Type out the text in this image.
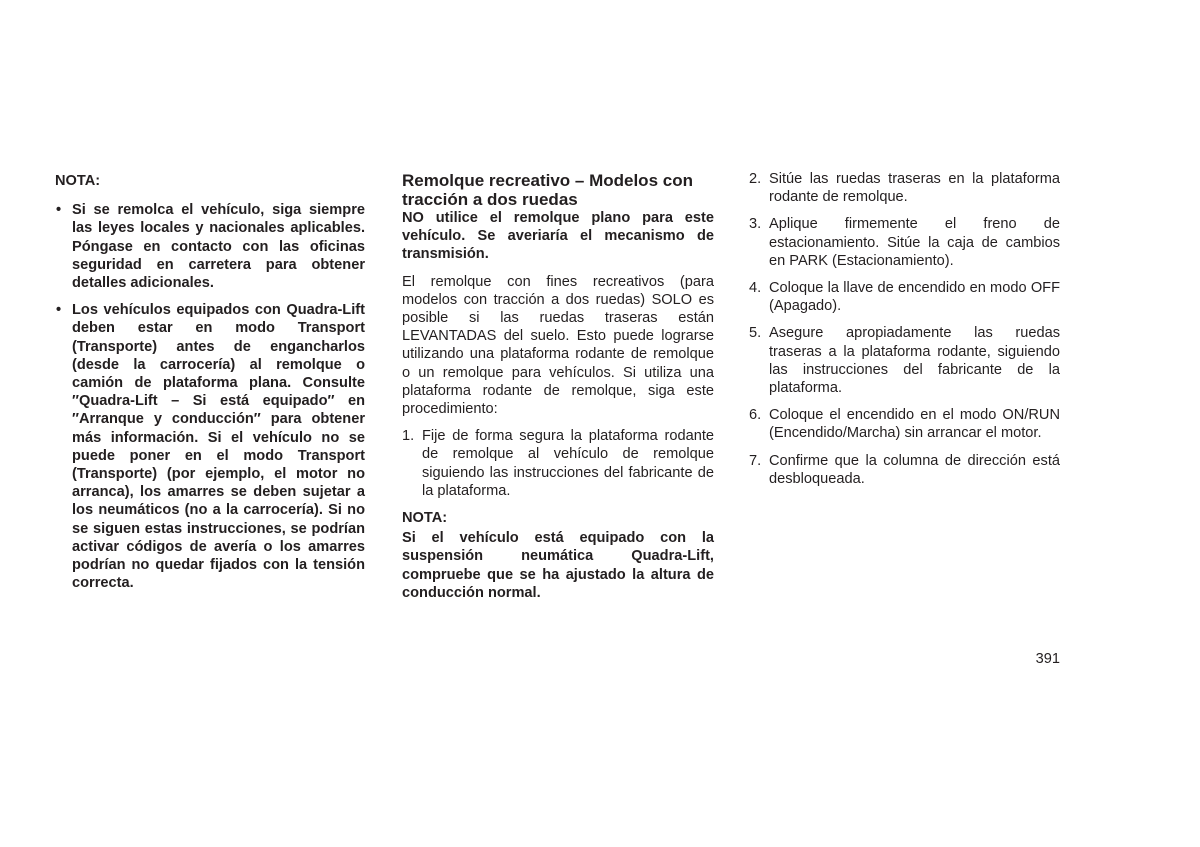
NOTA:
• Si se remolca el vehículo, siga siempre las leyes locales y nacionales aplicables. Póngase en contacto con las oficinas seguridad en carretera para obtener detalles adicionales.
• Los vehículos equipados con Quadra-Lift deben estar en modo Transport (Transporte) antes de engancharlos (desde la carrocería) al remolque o camión de plataforma plana. Consulte ″Quadra-Lift – Si está equipado″ en ″Arranque y conducción″ para obtener más información. Si el vehículo no se puede poner en el modo Transport (Transporte) (por ejemplo, el motor no arranca), los amarres se deben sujetar a los neumáticos (no a la carrocería). Si no se siguen estas instrucciones, se podrían activar códigos de avería o los amarres podrían no quedar fijados con la tensión correcta.
Remolque recreativo – Modelos con tracción a dos ruedas

NO utilice el remolque plano para este vehículo. Se averiaría el mecanismo de transmisión.

El remolque con fines recreativos (para modelos con tracción a dos ruedas) SOLO es posible si las ruedas traseras están LEVANTADAS del suelo. Esto puede lograrse utilizando una plataforma rodante de remolque o un remolque para vehículos. Si utiliza una plataforma rodante de remolque, siga este procedimiento:

1. Fije de forma segura la plataforma rodante de remolque al vehículo de remolque siguiendo las instrucciones del fabricante de la plataforma.
NOTA:

Si el vehículo está equipado con la suspensión neumática Quadra-Lift, compruebe que se ha ajustado la altura de conducción normal.

2. Sitúe las ruedas traseras en la plataforma rodante de remolque.
3. Aplique firmemente el freno de estacionamiento. Sitúe la caja de cambios en PARK (Estacionamiento).
4. Coloque la llave de encendido en modo OFF (Apagado).
5. Asegure apropiadamente las ruedas traseras a la plataforma rodante, siguiendo las instrucciones del fabricante de la plataforma.
6. Coloque el encendido en el modo ON/RUN (Encendido/Marcha) sin arrancar el motor.
7. Confirme que la columna de dirección está desbloqueada.
391
